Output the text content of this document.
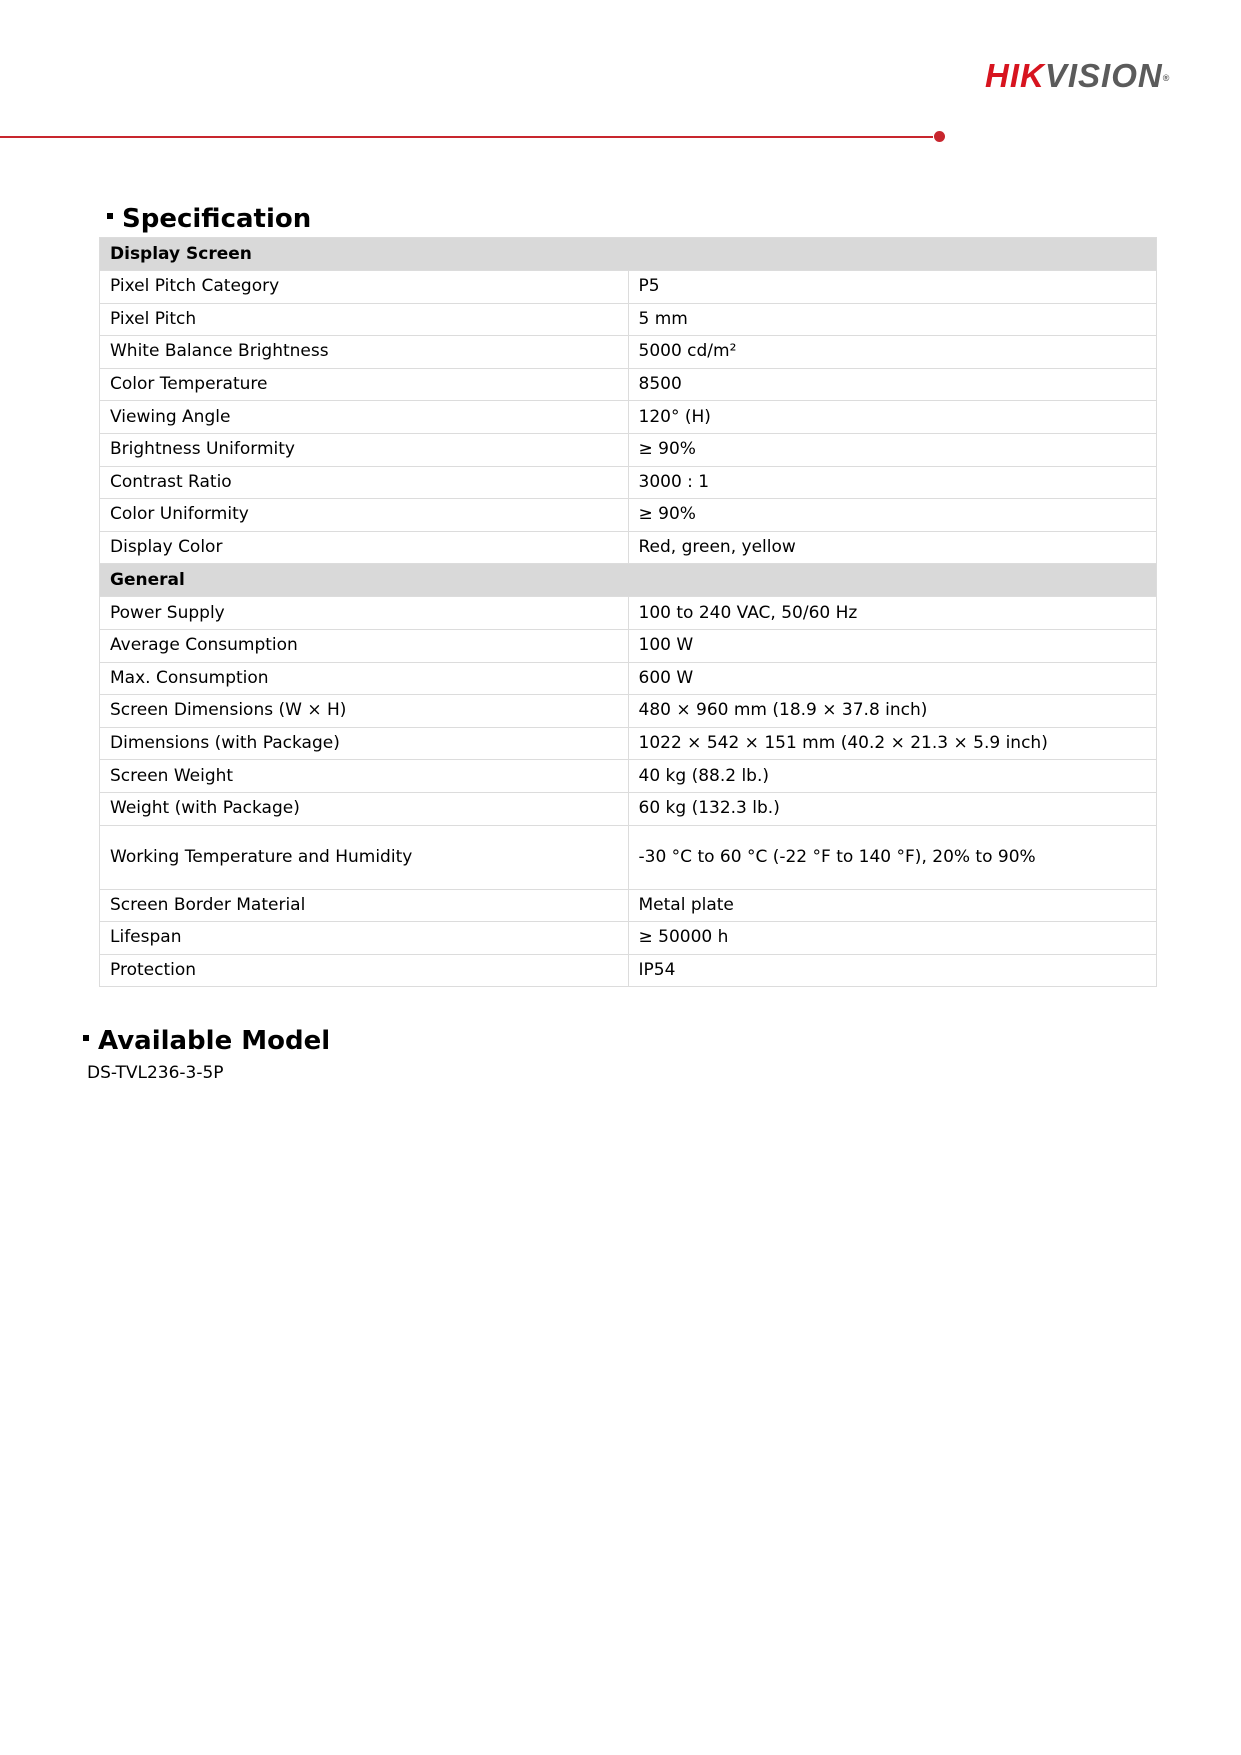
HIKVISION®
Specification
Display Screen	
Pixel Pitch Category	P5
Pixel Pitch	5 mm
White Balance Brightness	5000 cd/m²
Color Temperature	8500
Viewing Angle	120° (H)
Brightness Uniformity	≥ 90%
Contrast Ratio	3000 : 1
Color Uniformity	≥ 90%
Display Color	Red, green, yellow
General	
Power Supply	100 to 240 VAC, 50/60 Hz
Average Consumption	100 W
Max. Consumption	600 W
Screen Dimensions (W × H)	480 × 960 mm (18.9 × 37.8 inch)
Dimensions (with Package)	1022 × 542 × 151 mm (40.2 × 21.3 × 5.9 inch)
Screen Weight	40 kg (88.2 lb.)
Weight (with Package)	60 kg (132.3 lb.)
Working Temperature and Humidity	-30 °C to 60 °C (-22 °F to 140 °F), 20% to 90%
Screen Border Material	Metal plate
Lifespan	≥ 50000 h
Protection	IP54
Available Model
DS-TVL236-3-5P
